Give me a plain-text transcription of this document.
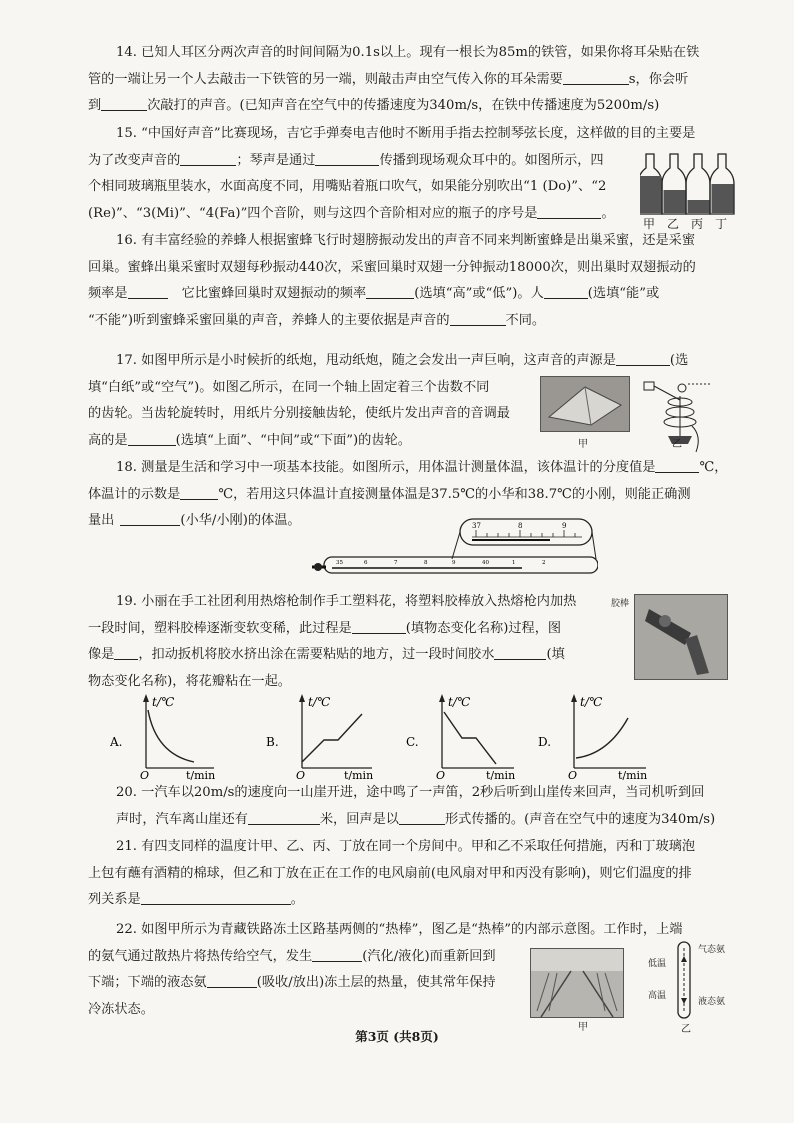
14. 已知人耳区分两次声音的时间间隔为0.1s以上。现有一根长为85m的铁管，如果你将耳朵贴在铁

管的一端让另一个人去敲击一下铁管的另一端，则敲击声由空气传入你的耳朵需要	s，你会听

到	次敲打的声音。(已知声音在空气中的传播速度为340m/s，在铁中传播速度为5200m/s)

15. “中国好声音”比赛现场，吉它手弹奏电吉他时不断用手指去控制琴弦长度，这样做的目的主要是

为了改变声音的	；琴声是通过	传播到现场观众耳中的。如图所示，四

个相同玻璃瓶里装水，水面高度不同，用嘴贴着瓶口吹气，如果能分别吹出“1 (Do)”、“2

(Re)”、“3(Mi)”、“4(Fa)”四个音阶，则与这四个音阶相对应的瓶子的序号是	。

甲 乙 丙 丁

16. 有丰富经验的养蜂人根据蜜蜂飞行时翅膀振动发出的声音不同来判断蜜蜂是出巢采蜜，还是采蜜

回巢。蜜蜂出巢采蜜时双翅每秒振动440次，采蜜回巢时双翅一分钟振动18000次，则出巢时双翅振动的

频率是	它比蜜蜂回巢时双翅振动的频率	(选填“高”或“低”)。人	(选填“能”或

“不能”)听到蜜蜂采蜜回巢的声音，养蜂人的主要依据是声音的	不同。

17. 如图甲所示是小时候折的纸炮，甩动纸炮，随之会发出一声巨响，这声音的声源是	(选

填“白纸”或“空气”)。如图乙所示，在同一个轴上固定着三个齿数不同

的齿轮。当齿轮旋转时，用纸片分别接触齿轮，使纸片发出声音的音调最

高的是	(选填“上面”、“中间”或“下面”)的齿轮。	甲	乙

18. 测量是生活和学习中一项基本技能。如图所示，用体温计测量体温，该体温计的分度值是	℃，

体温计的示数是	℃，若用这只体温计直接测量体温是37.5℃的小华和38.7℃的小刚，则能正确测

量出	(小华/小刚)的体温。	37	8	9
35	6	7	8	9	40	1	2

19. 小丽在手工社团利用热熔枪制作手工塑料花，将塑料胶棒放入热熔枪内加热

一段时间，塑料胶棒逐渐变软变稀，此过程是	(填物态变化名称)过程，图

像是 ，扣动扳机将胶水挤出涂在需要粘贴的地方，过一段时间胶水	(填

物态变化名称)，将花瓣粘在一起。

胶棒
A.
t/℃
O	t/min
B.
t/℃
O	t/min
C.
t/℃
O	t/min
D.
t/℃
O	t/min

20. 一汽车以20m/s的速度向一山崖开进，途中鸣了一声笛，2秒后听到山崖传来回声，当司机听到回

声时，汽车离山崖还有	米，回声是以	形式传播的。(声音在空气中的速度为340m/s)

21. 有四支同样的温度计甲、乙、丙、丁放在同一个房间中。甲和乙不采取任何措施，丙和丁玻璃泡

上包有蘸有酒精的棉球，但乙和丁放在正在工作的电风扇前(电风扇对甲和丙没有影响)，则它们温度的排

列关系是	。

22. 如图甲所示为青藏铁路冻土区路基两侧的“热棒”，图乙是“热棒”的内部示意图。工作时，上端

的氨气通过散热片将热传给空气，发生	(汽化/液化)而重新回到

下端；下端的液态氨	(吸收/放出)冻土层的热量，使其常年保持

冷冻状态。

甲
气态氨
低温
高温
液态氨
乙
第3页 (共8页)
